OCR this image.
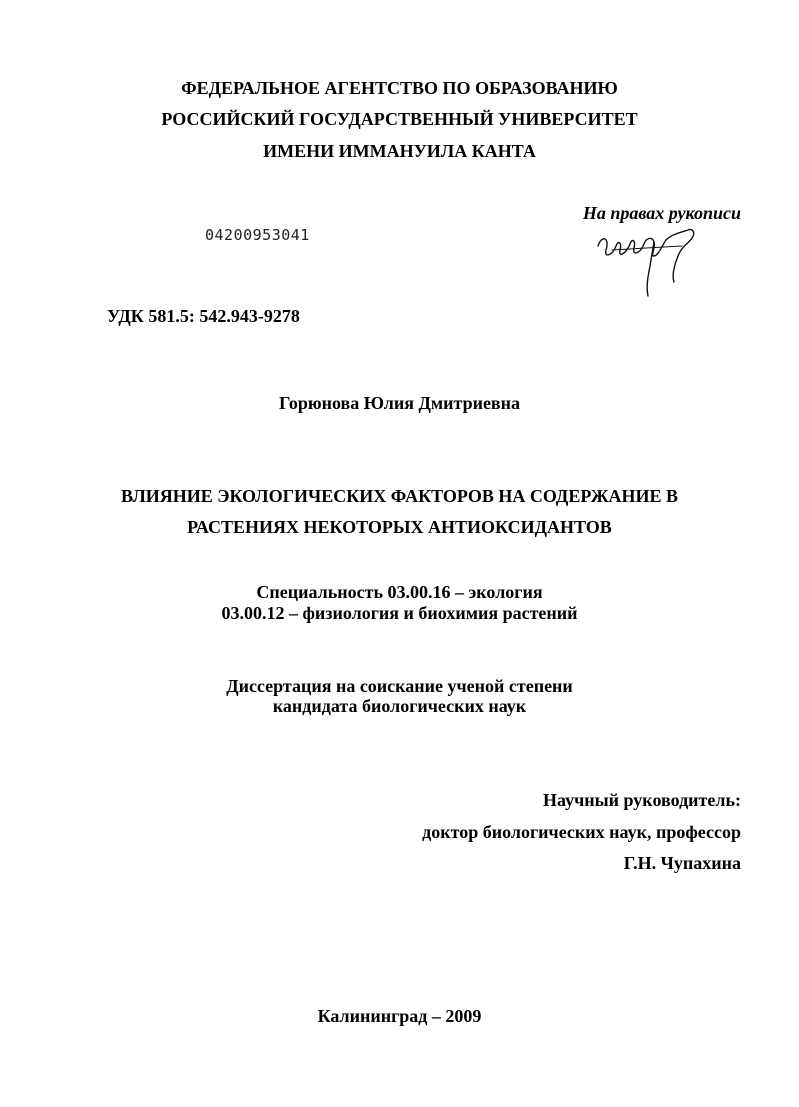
ФЕДЕРАЛЬНОЕ АГЕНТСТВО ПО ОБРАЗОВАНИЮ
РОССИЙСКИЙ ГОСУДАРСТВЕННЫЙ УНИВЕРСИТЕТ
ИМЕНИ ИММАНУИЛА КАНТА
На правах рукописи
04200953041
УДК 581.5: 542.943-9278
Горюнова Юлия Дмитриевна
ВЛИЯНИЕ ЭКОЛОГИЧЕСКИХ ФАКТОРОВ НА СОДЕРЖАНИЕ В
РАСТЕНИЯХ НЕКОТОРЫХ АНТИОКСИДАНТОВ
Специальность 03.00.16 – экология
03.00.12 – физиология и биохимия растений
Диссертация на соискание ученой степени
кандидата биологических наук
Научный руководитель:
доктор биологических наук, профессор
Г.Н. Чупахина
Калининград – 2009
